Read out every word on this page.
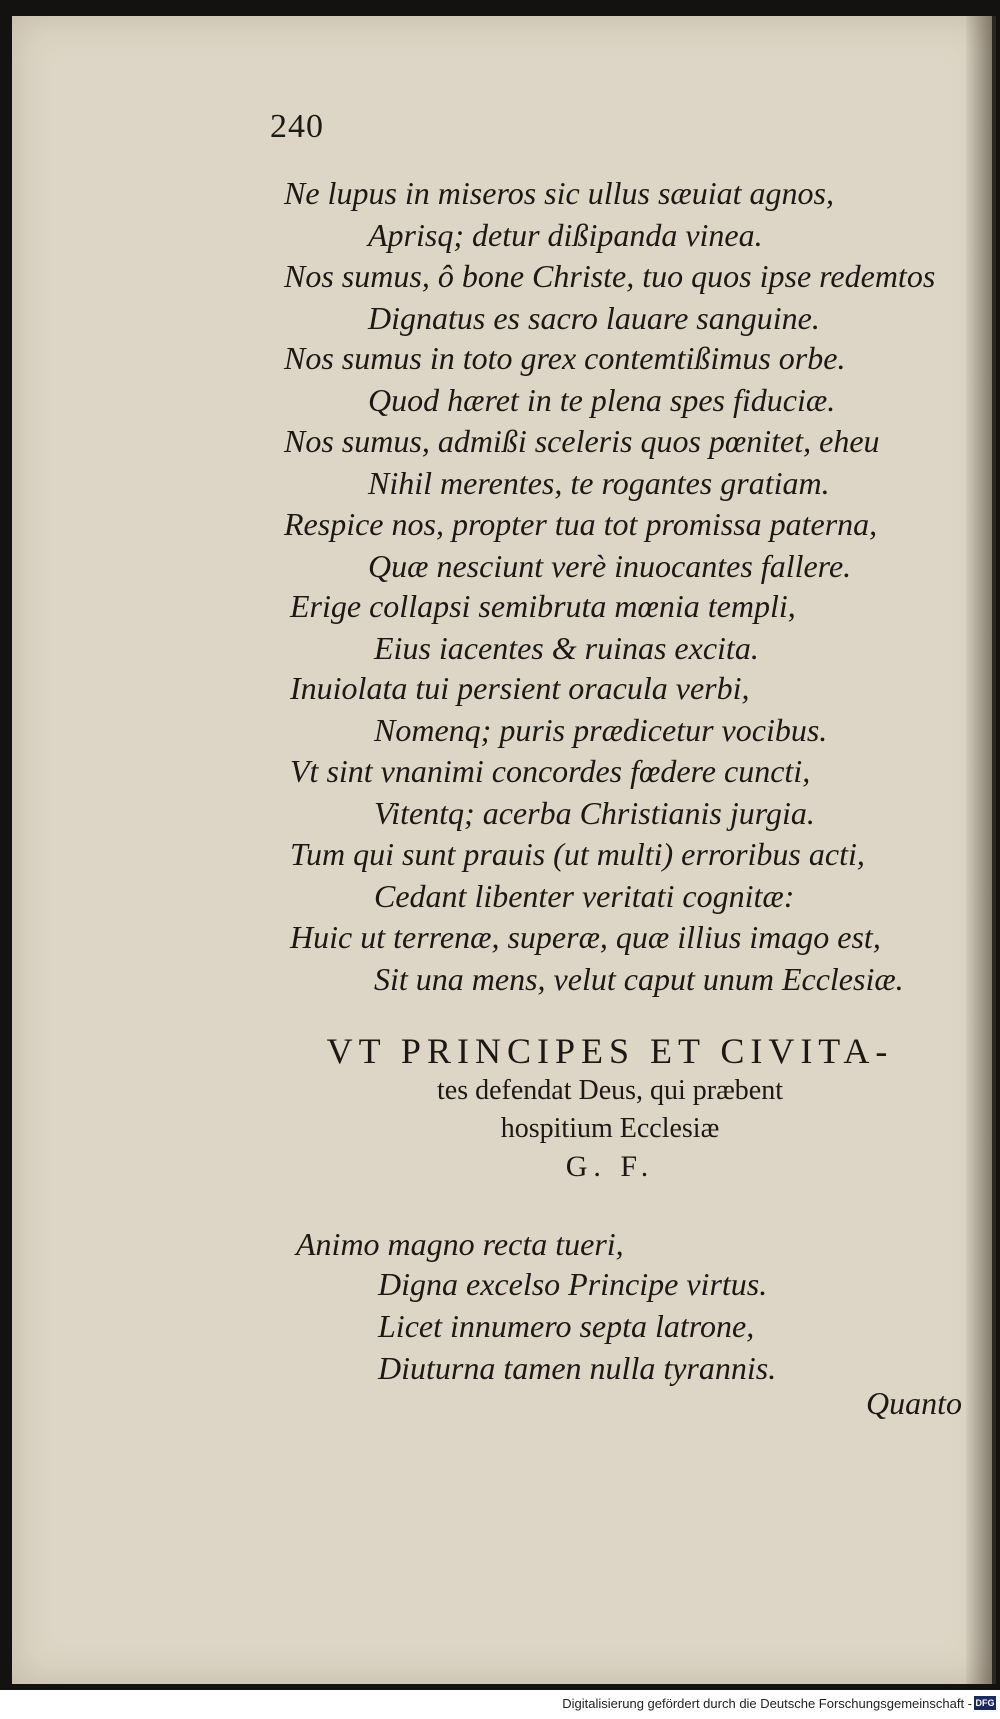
240
Ne lupus in miseros sic ullus sæuiat agnos,
Aprisq; detur dißipanda vinea.
Nos sumus, ô bone Christe, tuo quos ipse redemtos
Dignatus es sacro lauare sanguine.
Nos sumus in toto grex contemtißimus orbe.
Quod hæret in te plena spes fiduciæ.
Nos sumus, admißi sceleris quos pœnitet, eheu
Nihil merentes, te rogantes gratiam.
Respice nos, propter tua tot promissa paterna,
Quæ nesciunt verè inuocantes fallere.
Erige collapsi semibruta mœnia templi,
Eius iacentes & ruinas excita.
Inuiolata tui persient oracula verbi,
Nomenq; puris prædicetur vocibus.
Vt sint vnanimi concordes fœdere cuncti,
Vitentq; acerba Christianis jurgia.
Tum qui sunt prauis (ut multi) erroribus acti,
Cedant libenter veritati cognitæ:
Huic ut terrenæ, superæ, quæ illius imago est,
Sit una mens, velut caput unum Ecclesiæ.
VT PRINCIPES ET CIVITA-
tes defendat Deus, qui præbent
hospitium Ecclesiæ
G. F.
Animo magno recta tueri,
Digna excelso Principe virtus.
Licet innumero septa latrone,
Diuturna tamen nulla tyrannis.
Quanto
Digitalisierung gefördert durch die Deutsche Forschungsgemeinschaft - DFG
